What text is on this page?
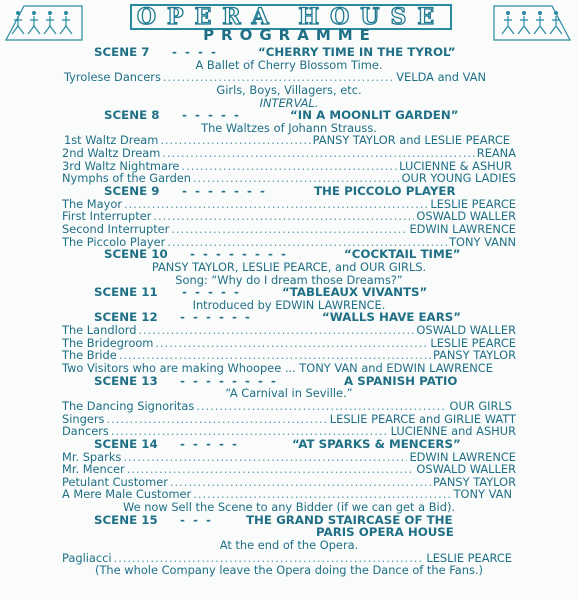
OPERA HOUSE
PROGRAMME
SCENE 7 - - - -	“CHERRY TIME IN THE TYROL”
A Ballet of Cherry Blossom Time.
Tyrolese Dancers .....	VELDA and VAN
Girls, Boys, Villagers, etc.
INTERVAL.
SCENE 8 - - - - -	“IN A MOONLIT GARDEN”
The Waltzes of Johann Strauss.
1st Waltz Dream .....	PANSY TAYLOR and LESLIE PEARCE
2nd Waltz Dream .....	REANA
3rd Waltz Nightmare .....	LUCIENNE & ASHUR
Nymphs of the Garden .....	OUR YOUNG LADIES
SCENE 9 - - - - - - -	THE PICCOLO PLAYER
The Mayor .....	LESLIE PEARCE
First Interrupter .....	OSWALD WALLER
Second Interrupter .....	EDWIN LAWRENCE
The Piccolo Player .....	TONY VANN
SCENE 10 - - - - - - - -	“COCKTAIL TIME”
PANSY TAYLOR, LESLIE PEARCE, and OUR GIRLS.
Song: “Why do I dream those Dreams?”
SCENE 11 - - - - -	“TABLEAUX VIVANTS”
Introduced by EDWIN LAWRENCE.
SCENE 12 - - - - - -	“WALLS HAVE EARS”
The Landlord .....	OSWALD WALLER
The Bridegroom .....	LESLIE PEARCE
The Bride .....	PANSY TAYLOR
Two Visitors who are making Whoopee ... TONY VAN and EDWIN LAWRENCE
SCENE 13 - - - - - - - -	A SPANISH PATIO
“A Carnival in Seville.”
The Dancing Signoritas .....	OUR GIRLS
Singers .....	LESLIE PEARCE and GIRLIE WATT
Dancers .....	LUCIENNE and ASHUR
SCENE 14 - - - - -	“AT SPARKS & MENCERS”
Mr. Sparks .....	EDWIN LAWRENCE
Mr. Mencer .....	OSWALD WALLER
Petulant Customer .....	PANSY TAYLOR
A Mere Male Customer .....	TONY VAN
We now Sell the Scene to any Bidder (if we can get a Bid).
SCENE 15 - - -	THE GRAND STAIRCASE OF THE
PARIS OPERA HOUSE
At the end of the Opera.
Pagliacci .....	LESLIE PEARCE
(The whole Company leave the Opera doing the Dance of the Fans.)
